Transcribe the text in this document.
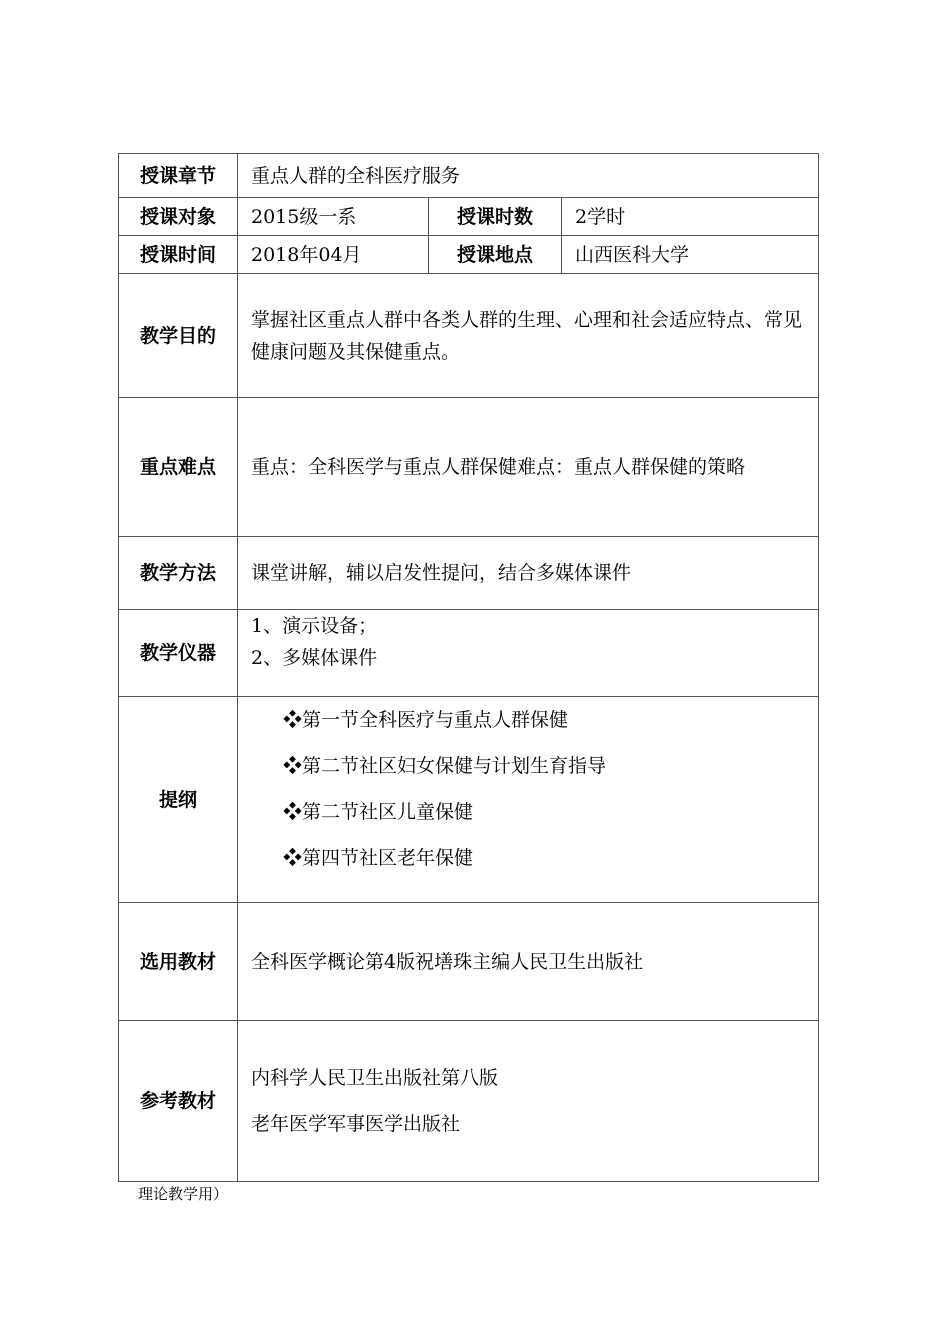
授课章节	重点人群的全科医疗服务		
授课对象	2015级一系	授课时数	2学时
授课时间	2018年04月	授课地点	山西医科大学
教学目的	掌握社区重点人群中各类人群的生理、心理和社会适应特点、常见健康问题及其保健重点。		
重点难点	重点：全科医学与重点人群保健难点：重点人群保健的策略		
教学方法	课堂讲解，辅以启发性提问，结合多媒体课件		
教学仪器	1、演示设备；
2、多媒体课件		

提纲	❖第一节全科医疗与重点人群保健
❖第二节社区妇女保健与计划生育指导
❖第二节社区儿童保健
❖第四节社区老年保健		

选用教材	全科医学概论第4版祝墡珠主编人民卫生出版社		
参考教材	内科学人民卫生出版社第八版
老年医学军事医学出版社		
理论教学用）
